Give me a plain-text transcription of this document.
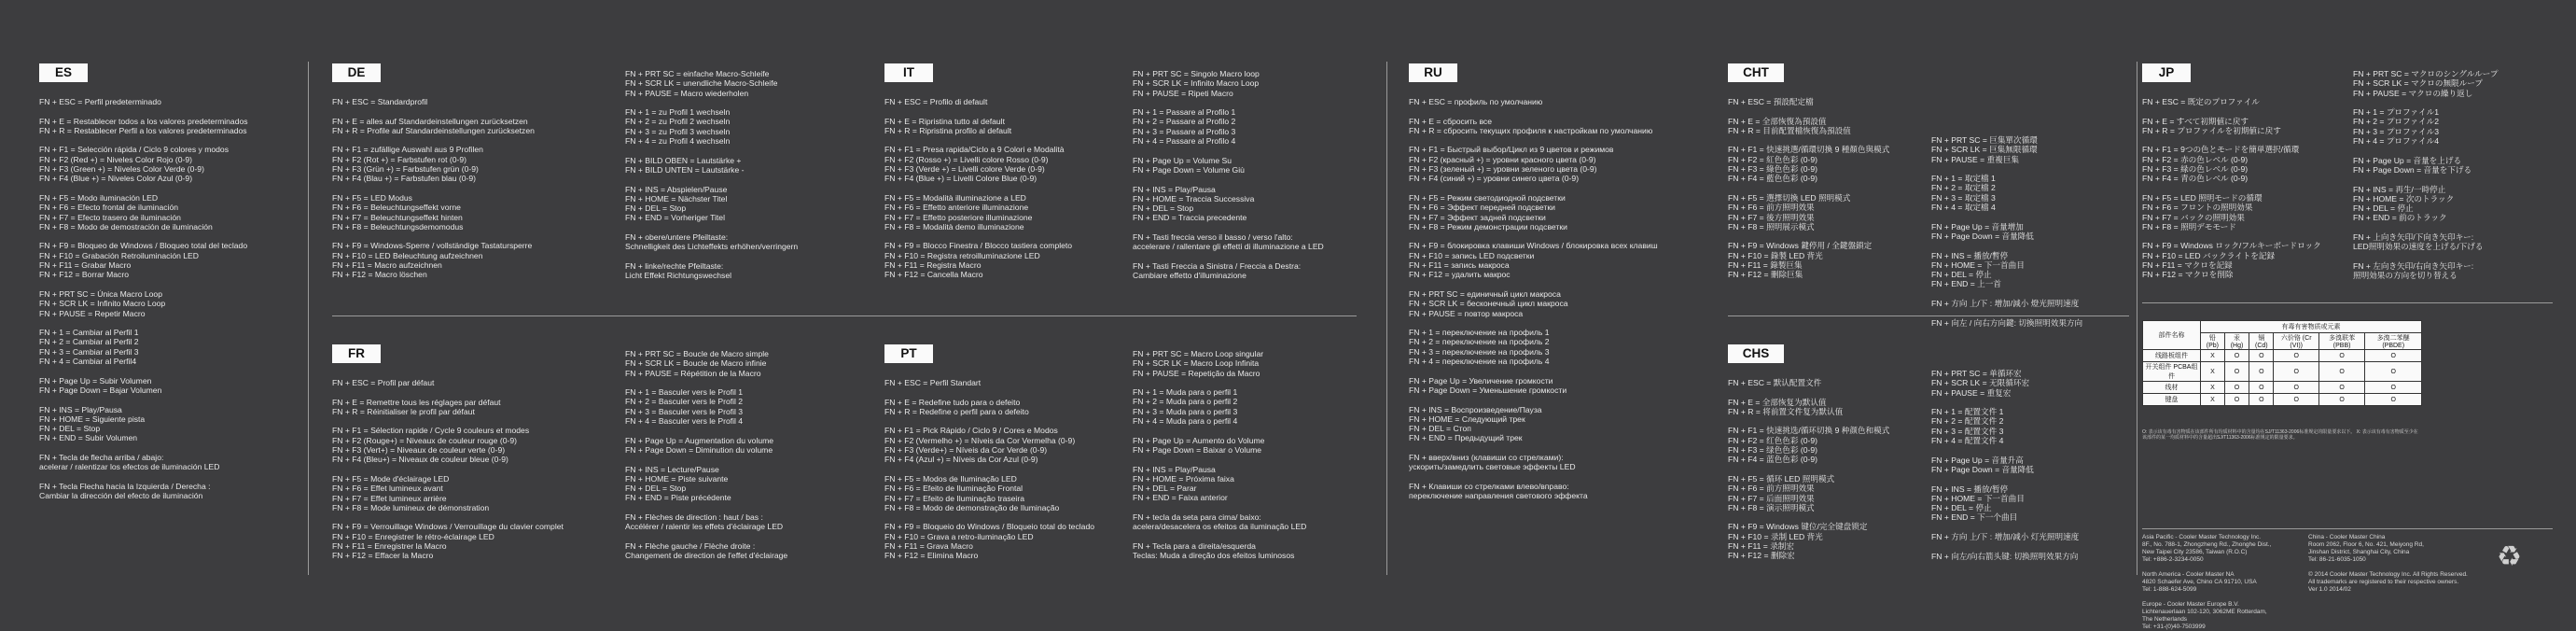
ES

FN + ESC = Perfil predeterminado

FN + E = Restablecer todos a los valores predeterminados

FN + R = Restablecer Perfil a los valores predeterminados

FN + F1 = Selección rápida / Ciclo 9 colores y modos

FN + F2 (Red +) = Niveles Color Rojo (0-9)

FN + F3 (Green +) = Niveles Color Verde (0-9)

FN + F4 (Blue +) = Niveles Color Azul (0-9)

FN + F5 = Modo iluminación LED

FN + F6 = Efecto frontal de iluminación

FN + F7 = Efecto trasero de iluminación

FN + F8 = Modo de demostración de iluminación

FN + F9 = Bloqueo de Windows / Bloqueo total del teclado

FN + F10 = Grabación Retroiluminación LED

FN + F11 = Grabar Macro

FN + F12 = Borrar Macro

FN + PRT SC = Única Macro Loop

FN + SCR LK = Infinito Macro Loop

FN + PAUSE = Repetir Macro

FN + 1 = Cambiar al Perfil 1

FN + 2 = Cambiar al Perfil 2

FN + 3 = Cambiar al Perfil 3

FN + 4 = Cambiar al Perfil4

FN + Page Up = Subir Volumen

FN + Page Down = Bajar Volumen

FN + INS = Play/Pausa

FN + HOME = Siguiente pista

FN + DEL = Stop

FN + END = Subir Volumen

FN + Tecla de flecha arriba / abajo:

acelerar / ralentizar los efectos de iluminación LED

FN + Tecla Flecha hacia la Izquierda / Derecha :

Cambiar la dirección del efecto de iluminación

DE

FN + ESC = Standardprofil

FN + E = alles auf Standardeinstellungen zurücksetzen

FN + R = Profile auf Standardeinstellungen zurücksetzen

FN + F1 = zufällige Auswahl aus 9 Profilen

FN + F2 (Rot +) = Farbstufen rot (0-9)

FN + F3 (Grün +) = Farbstufen grün (0-9)

FN + F4 (Blau +) = Farbstufen blau (0-9)

FN + F5 = LED Modus

FN + F6 = Beleuchtungseffekt vorne

FN + F7 = Beleuchtungseffekt hinten

FN + F8 = Beleuchtungsdemomodus

FN + F9 = Windows-Sperre / vollständige Tastatursperre

FN + F10 = LED Beleuchtung aufzeichnen

FN + F11 = Macro aufzeichnen

FN + F12 = Macro löschen

FN + PRT SC = einfache Macro-Schleife

FN + SCR LK = unendliche Macro-Schleife

FN + PAUSE = Macro wiederholen

FN + 1 = zu Profil 1 wechseln

FN + 2 = zu Profil 2 wechseln

FN + 3 = zu Profil 3 wechseln

FN + 4 = zu Profil 4 wechseln

FN + BILD OBEN = Lautstärke +

FN + BILD UNTEN = Lautstärke -

FN + INS = Abspielen/Pause

FN + HOME = Nächster Titel

FN + DEL = Stop

FN + END = Vorheriger Titel

FN + obere/untere Pfeiltaste:

Schnelligkeit des Lichteffekts erhöhen/verringern

FN + linke/rechte Pfeiltaste:

Licht Effekt Richtungswechsel

FR

FN + ESC = Profil par défaut

FN + E = Remettre tous les réglages par défaut

FN + R = Réinitialiser le profil par défaut

FN + F1 = Sélection rapide / Cycle 9 couleurs et modes

FN + F2 (Rouge+) = Niveaux de couleur rouge (0-9)

FN + F3 (Vert+) = Niveaux de couleur verte (0-9)

FN + F4 (Bleu+) = Niveaux de couleur bleue (0-9)

FN + F5 = Mode d'éclairage LED

FN + F6 = Effet lumineux avant

FN + F7 = Effet lumineux arrière

FN + F8 = Mode lumineux de démonstration

FN + F9 = Verrouillage Windows / Verrouillage du clavier complet

FN + F10 = Enregistrer le rétro-éclairage LED

FN + F11 = Enregistrer la Macro

FN + F12 = Effacer la Macro

FN + PRT SC = Boucle de Macro simple

FN + SCR LK = Boucle de Macro infinie

FN + PAUSE = Répétition de la Macro

FN + 1 = Basculer vers le Profil 1

FN + 2 = Basculer vers le Profil 2

FN + 3 = Basculer vers le Profil 3

FN + 4 = Basculer vers le Profil 4

FN + Page Up = Augmentation du volume

FN + Page Down = Diminution du volume

FN + INS = Lecture/Pause

FN + HOME = Piste suivante

FN + DEL = Stop

FN + END = Piste précédente

FN + Flèches de direction : haut / bas :

Accélérer / ralentir les effets d'éclairage LED

FN + Flèche gauche / Flèche droite :

Changement de direction de l'effet d'éclairage

IT

FN + ESC = Profilo di default

FN + E = Ripristina tutto al default

FN + R = Ripristina profilo al default

FN + F1 = Presa rapida/Ciclo a 9 Colori e Modalità

FN + F2 (Rosso +) = Livelli colore Rosso (0-9)

FN + F3 (Verde +) = Livelli colore Verde (0-9)

FN + F4 (Blue +) = Livelli Colore Blue (0-9)

FN + F5 = Modalità illuminazione a LED

FN + F6 = Effetto anteriore illuminazione

FN + F7 = Effetto posteriore illuminazione

FN + F8 = Modalità demo illuminazione

FN + F9 = Blocco Finestra / Blocco tastiera completo

FN + F10 = Registra retroilluminazione LED

FN + F11 = Registra Macro

FN + F12 = Cancella Macro

FN + PRT SC = Singolo Macro loop

FN + SCR LK = Infinito Macro Loop

FN + PAUSE = Ripeti Macro

FN + 1 = Passare al Profilo 1

FN + 2 = Passare al Profilo 2

FN + 3 = Passare al Profilo 3

FN + 4 = Passare al Profilo 4

FN + Page Up = Volume Su

FN + Page Down = Volume Giù

FN + INS = Play/Pausa

FN + HOME = Traccia Successiva

FN + DEL = Stop

FN + END = Traccia precedente

FN + Tasti freccia verso il basso / verso l'alto:

accelerare / rallentare gli effetti di illuminazione a LED

FN + Tasti Freccia a Sinistra / Freccia a Destra:

Cambiare effetto d'illuminazione

PT

FN + ESC = Perfil Standart

FN + E = Redefine tudo para o defeito

FN + R = Redefine o perfil para o defeito

FN + F1 = Pick Rápido / Ciclo 9 / Cores e Modos

FN + F2 (Vermelho +) = Níveis da Cor Vermelha (0-9)

FN + F3 (Verde+) = Níveis da Cor Verde (0-9)

FN + F4 (Azul +) = Níveis da Cor Azul (0-9)

FN + F5 = Modos de Iluminação LED

FN + F6 = Efeito de Iluminação Frontal

FN + F7 = Efeito de Iluminação traseira

FN + F8 = Modo de demonstração de Iluminação

FN + F9 = Bloqueio do Windows / Bloqueio total do teclado

FN + F10 = Grava a retro-iluminação LED

FN + F11 = Grava Macro

FN + F12 = Elimina Macro

FN + PRT SC = Macro Loop singular

FN + SCR LK = Macro Loop Infinita

FN + PAUSE = Repetição da Macro

FN + 1 = Muda para o perfil 1

FN + 2 = Muda para o perfil 2

FN + 3 = Muda para o perfil 3

FN + 4 = Muda para o perfil 4

FN + Page Up = Aumento do Volume

FN + Page Down = Baixar o Volume

FN + INS = Play/Pausa

FN + HOME = Próxima faixa

FN + DEL = Parar

FN + END = Faixa anterior

FN + tecla da seta para cima/ baixo:

acelera/desacelera os efeitos da iluminação LED

FN + Tecla para a direita/esquerda

Teclas: Muda a direção dos efeitos luminosos

RU

FN + ESC = профиль по умолчанию

FN + E = сбросить все

FN + R = сбросить текущих профиля к настройкам по умолчанию

FN + F1 = Быстрый выбор/Цикл из 9 цветов и режимов

FN + F2 (красный +) = уровни красного цвета (0-9)

FN + F3 (зеленый +) = уровни зеленого цвета (0-9)

FN + F4 (синий +) = уровни синего цвета (0-9)

FN + F5 = Режим светодиодной подсветки

FN + F6 = Эффект передней подсветки

FN + F7 = Эффект задней подсветки

FN + F8 = Режим демонстрации подсветки

FN + F9 = блокировка клавиши Windows / блокировка всех клавиш

FN + F10 = запись LED подсветки

FN + F11 = запись макроса

FN + F12 = удалить макрос

FN + PRT SC = единичный цикл макроса

FN + SCR LK = бесконечный цикл макроса

FN + PAUSE = повтор макроса

FN + 1 = переключение на профиль 1

FN + 2 = переключение на профиль 2

FN + 3 = переключение на профиль 3

FN + 4 = переключение на профиль 4

FN + Page Up = Увеличение громкости

FN + Page Down = Уменьшение громкости

FN + INS = Воспроизведение/Пауза

FN + HOME = Следующий трек

FN + DEL = Стоп

FN + END = Предыдущий трек

FN + вверх/вниз (клавиши со стрелками):

ускорить/замедлить световые эффекты LED

FN + Клавиши со стрелками влево/вправо:

переключение направления светового эффекта

CHT

FN + ESC = 預設配定檔

FN + E = 全部恢復為預設值

FN + R = 目前配置檔恢復為預設值

FN + F1 = 快速挑選/循環切換 9 種顏色與模式

FN + F2 = 紅色色彩 (0-9)

FN + F3 = 綠色色彩 (0-9)

FN + F4 = 藍色色彩 (0-9)

FN + F5 = 選擇切換 LED 照明模式

FN + F6 = 前方照明效果

FN + F7 = 後方照明效果

FN + F8 = 照明展示模式

FN + F9 = Windows 鍵停用 / 全鍵盤鎖定

FN + F10 = 錄製 LED 背光

FN + F11 = 錄製巨集

FN + F12 = 刪除巨集

FN + PRT SC = 巨集單次循環

FN + SCR LK = 巨集無限循環

FN + PAUSE = 重複巨集

FN + 1 = 取定檔 1

FN + 2 = 取定檔 2

FN + 3 = 取定檔 3

FN + 4 = 取定檔 4

FN + Page Up = 音量增加

FN + Page Down = 音量降低

FN + INS = 播放/暫停

FN + HOME = 下一首曲目

FN + DEL = 停止

FN + END = 上一首

FN + 方向 上/下 : 增加/減小 燈光照明速度

FN + 向左 / 向右方向鍵: 切換照明效果方向

CHS

FN + ESC = 默认配置文件

FN + E = 全部恢复为默认值

FN + R = 将前置文件复为默认值

FN + F1 = 快速挑选/循环切换 9 种颜色和模式

FN + F2 = 红色色彩 (0-9)

FN + F3 = 绿色色彩 (0-9)

FN + F4 = 蓝色色彩 (0-9)

FN + F5 = 循环 LED 照明模式

FN + F6 = 前方照明效果

FN + F7 = 后面照明效果

FN + F8 = 演示照明模式

FN + F9 = Windows 键位/完全键盘锁定

FN + F10 = 录制 LED 背光

FN + F11 = 录制宏

FN + F12 = 删除宏

FN + PRT SC = 单循环宏

FN + SCR LK = 无限循环宏

FN + PAUSE = 重复宏

FN + 1 = 配置文件 1

FN + 2 = 配置文件 2

FN + 3 = 配置文件 3

FN + 4 = 配置文件 4

FN + Page Up = 音量升高

FN + Page Down = 音量降低

FN + INS = 播放/暂停

FN + HOME = 下一首曲目

FN + DEL = 停止

FN + END = 下一个曲目

FN + 方向 上/下 : 增加/减小 灯光照明速度

FN + 向左/向右箭头键: 切换照明效果方向

JP

FN + ESC = 既定のプロファイル

FN + E = すべて初期値に戻す

FN + R = プロファイルを初期値に戻す

FN + F1 = 9つの色とモードを簡単選択/循環

FN + F2 = 赤の色レベル (0-9)

FN + F3 = 緑の色レベル (0-9)

FN + F4 = 青の色レベル (0-9)

FN + F5 = LED 照明モードの循環

FN + F6 = フロントの照明効果

FN + F7 = バックの照明効果

FN + F8 = 照明デモモード

FN + F9 = Windows ロック/フルキーボードロック

FN + F10 = LED バックライトを記録

FN + F11 = マクロを記録

FN + F12 = マクロを削除

FN + PRT SC = マクロのシングルループ

FN + SCR LK = マクロの無限ループ

FN + PAUSE = マクロの繰り返し

FN + 1 = プロファイル1

FN + 2 = プロファイル2

FN + 3 = プロファイル3

FN + 4 = プロファイル4

FN + Page Up = 音量を上げる

FN + Page Down = 音量を下げる

FN + INS = 再生/一時停止

FN + HOME = 次のトラック

FN + DEL = 停止

FN + END = 前のトラック

FN + 上向き矢印/下向き矢印キー:

LED照明効果の速度を上げる/下げる

FN + 左向き矢印/右向き矢印キー:

照明効果の方向を切り替える

部件名称	有毒有害物质或元素					
	铅 (Pb)	汞 (Hg)	镉 (Cd)	六价铬 (Cr (VI))	多溴联苯 (PBB)	多溴二苯醚 (PBDE)
线路板组件	X	O	O	O	O	O
开关组件 PCBA组件	X	O	O	O	O	O
线材	X	O	O	O	O	O
键盘	X	O	O	O	O	O
O: 表示该有毒有害物质在该部件所有均质材料中的含量均在SJ/T11363-2006标准规定的限量要求以下。 X: 表示该有毒有害物质至少在该部件的某一均质材料中的含量超出SJ/T11363-2006标准规定的限量要求。
Asia Pacific - Cooler Master Technology Inc.
8F., No. 788-1, Zhongzheng Rd., Zhonghe Dist.,
New Taipei City 23586, Taiwan (R.O.C)
Tel: +886-2-3234-0050

North America - Cooler Master NA
4820 Schaefer Ave, Chino CA 91710, USA
Tel: 1-888-624-5099

Europe - Cooler Master Europe B.V.
Lichtenauerlaan 102-120, 3062ME Rotterdam,
The Netherlands
Tel: +31-(0)40-7503999
China - Cooler Master China
Room 2062, Floor 6, No. 421, Meiyong Rd,
Jinshan District, Shanghai City, China
Tel: 86-21-6035-1050

© 2014 Cooler Master Technology Inc. All Rights Reserved.
All trademarks are registered to their respective owners.
Ver 1.0 2014/02
♻
